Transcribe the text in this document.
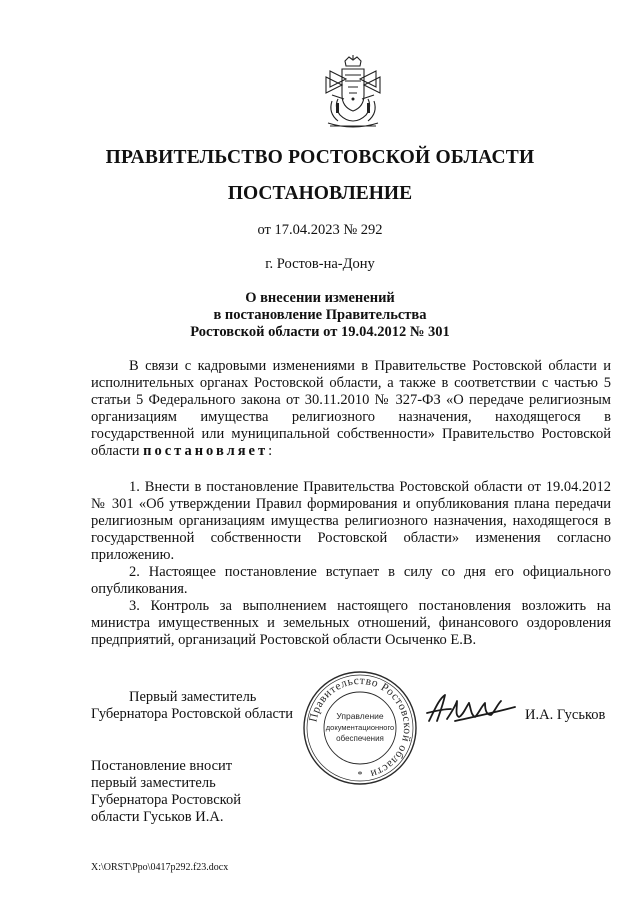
ПРАВИТЕЛЬСТВО РОСТОВСКОЙ ОБЛАСТИ
ПОСТАНОВЛЕНИЕ
от 17.04.2023 № 292
г. Ростов-на-Дону
О внесении изменений
в постановление Правительства
Ростовской области от 19.04.2012 № 301

В связи с кадровыми изменениями в Правительстве Ростовской области и исполнительных органах Ростовской области, а также в соответствии с частью 5 статьи 5 Федерального закона от 30.11.2010 № 327-ФЗ «О передаче религиозным организациям имущества религиозного назначения, находящегося в государственной или муниципальной собственности» Правительство Ростовской области постановляет:

1. Внести в постановление Правительства Ростовской области от 19.04.2012 № 301 «Об утверждении Правил формирования и опубликования плана передачи религиозным организациям имущества религиозного назначения, находящегося в государственной собственности Ростовской области» изменения согласно приложению.

2. Настоящее постановление вступает в силу со дня его официального опубликования.

3. Контроль за выполнением настоящего постановления возложить на министра имущественных и земельных отношений, финансового оздоровления предприятий, организаций Ростовской области Осыченко Е.В.

Первый заместитель
Губернатора Ростовской области Правительство Ростовской области
Управление
документационного
обеспечения
*
И.А. Гуськов
Постановление вносит
первый заместитель
Губернатора Ростовской
области Гуськов И.А.
X:\ORST\Ppo\0417p292.f23.docx
